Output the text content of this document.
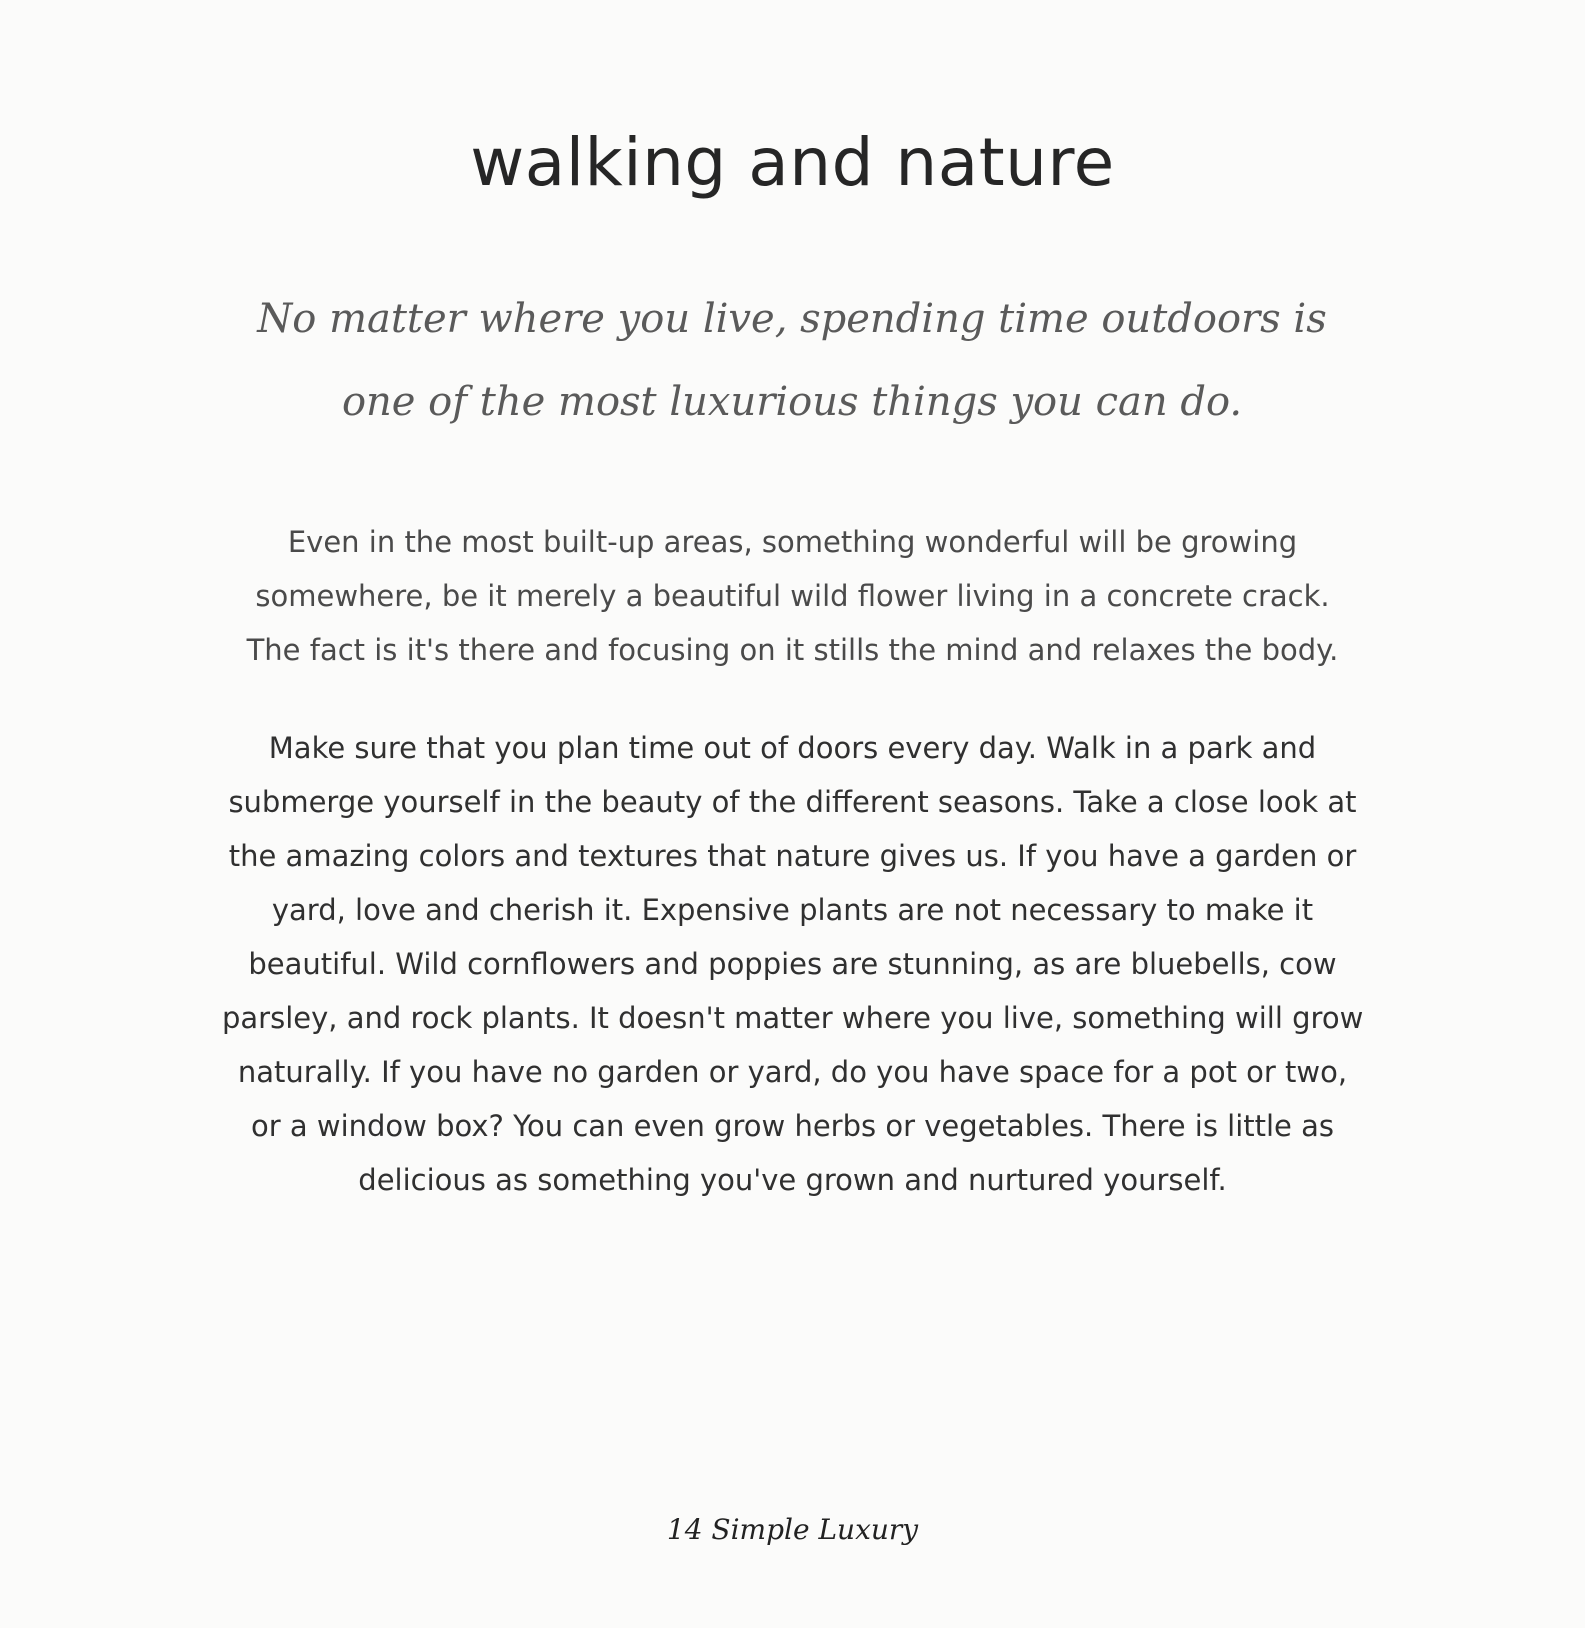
walking and nature

No matter where you live, spending time outdoors is
one of the most luxurious things you can do.

Even in the most built-up areas, something wonderful will be growing
somewhere, be it merely a beautiful wild flower living in a concrete crack.
The fact is it's there and focusing on it stills the mind and relaxes the body.

Make sure that you plan time out of doors every day. Walk in a park and
submerge yourself in the beauty of the different seasons. Take a close look at
the amazing colors and textures that nature gives us. If you have a garden or
yard, love and cherish it. Expensive plants are not necessary to make it
beautiful. Wild cornflowers and poppies are stunning, as are bluebells, cow
parsley, and rock plants. It doesn't matter where you live, something will grow
naturally. If you have no garden or yard, do you have space for a pot or two,
or a window box? You can even grow herbs or vegetables. There is little as
delicious as something you've grown and nurtured yourself.

14 Simple Luxury
